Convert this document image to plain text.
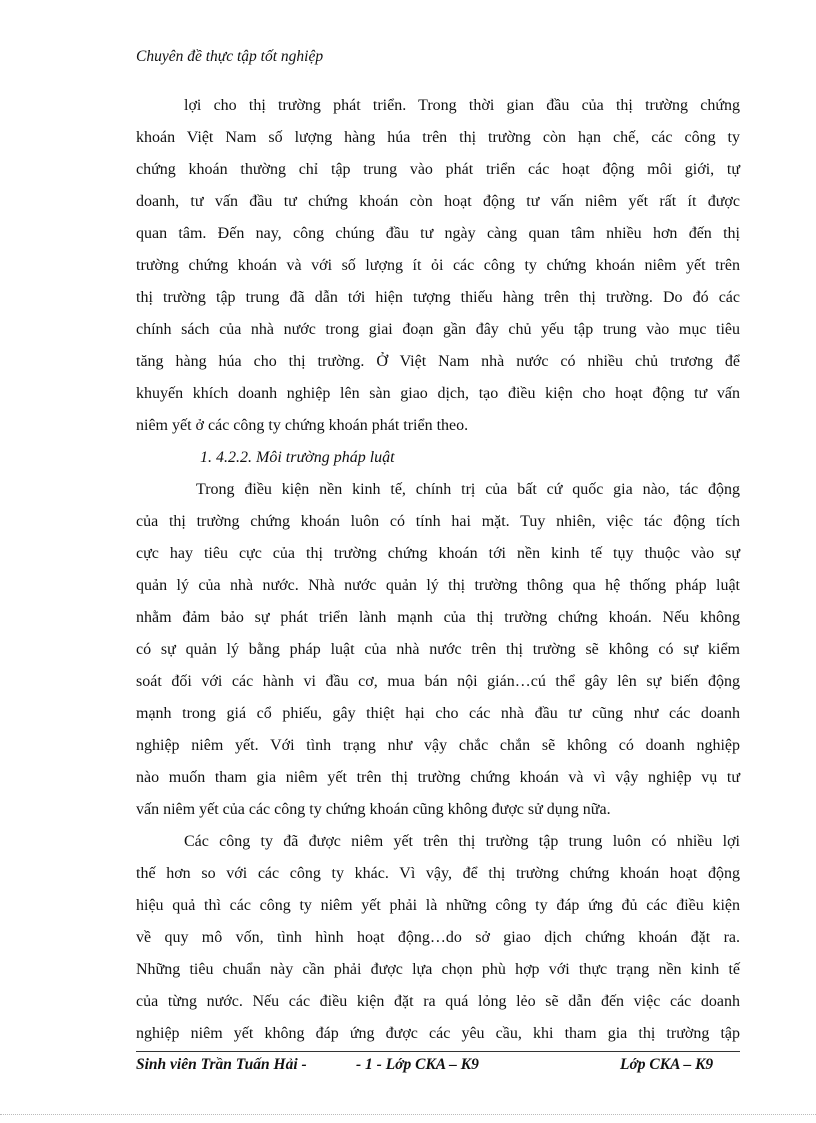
Chuyên đề thực tập tốt nghiệp
lợi cho thị trường phát triển. Trong thời gian đầu của thị trường chứng
khoán Việt Nam số lượng hàng húa trên thị trường còn hạn chế, các công ty
chứng khoán thường chỉ tập trung vào phát triển các hoạt động môi giới, tự
doanh, tư vấn đầu tư chứng khoán còn hoạt động tư vấn niêm yết rất ít được
quan tâm. Đến nay, công chúng đầu tư ngày càng quan tâm nhiều hơn đến thị
trường chứng khoán và với số lượng ít ỏi các công ty chứng khoán niêm yết trên
thị trường tập trung đã dẫn tới hiện tượng thiếu hàng trên thị trường. Do đó các
chính sách của nhà nước trong giai đoạn gần đây chủ yếu tập trung vào mục tiêu
tăng hàng húa cho thị trường. Ở Việt Nam nhà nước có nhiều chủ trương để
khuyến khích doanh nghiệp lên sàn giao dịch, tạo điều kiện cho hoạt động tư vấn
niêm yết ở các công ty chứng khoán phát triển theo.
1. 4.2.2. Môi trường pháp luật
Trong điều kiện nền kinh tế, chính trị của bất cứ quốc gia nào, tác động
của thị trường chứng khoán luôn có tính hai mặt. Tuy nhiên, việc tác động tích
cực hay tiêu cực của thị trường chứng khoán tới nền kinh tế tụy thuộc vào sự
quản lý của nhà nước. Nhà nước quản lý thị trường thông qua hệ thống pháp luật
nhằm đảm bảo sự phát triển lành mạnh của thị trường chứng khoán. Nếu không
có sự quản lý bằng pháp luật của nhà nước trên thị trường sẽ không có sự kiểm
soát đối với các hành vi đầu cơ, mua bán nội gián…cú thể gây lên sự biến động
mạnh trong giá cổ phiếu, gây thiệt hại cho các nhà đầu tư cũng như các doanh
nghiệp niêm yết. Với tình trạng như vậy chắc chắn sẽ không có doanh nghiệp
nào muốn tham gia niêm yết trên thị trường chứng khoán và vì vậy nghiệp vụ tư
vấn niêm yết của các công ty chứng khoán cũng không được sử dụng nữa.
Các công ty đã được niêm yết trên thị trường tập trung luôn có nhiều lợi
thế hơn so với các công ty khác. Vì vậy, để thị trường chứng khoán hoạt động
hiệu quả thì các công ty niêm yết phải là những công ty đáp ứng đủ các điều kiện
về quy mô vốn, tình hình hoạt động…do sở giao dịch chứng khoán đặt ra.
Những tiêu chuẩn này cần phải được lựa chọn phù hợp với thực trạng nền kinh tế
của từng nước. Nếu các điều kiện đặt ra quá lỏng lẻo sẽ dẫn đến việc các doanh
nghiệp niêm yết không đáp ứng được các yêu cầu, khi tham gia thị trường tập
Sinh viên Trần Tuấn Hải -	- 1 - Lớp CKA – K9	Lớp CKA – K9
